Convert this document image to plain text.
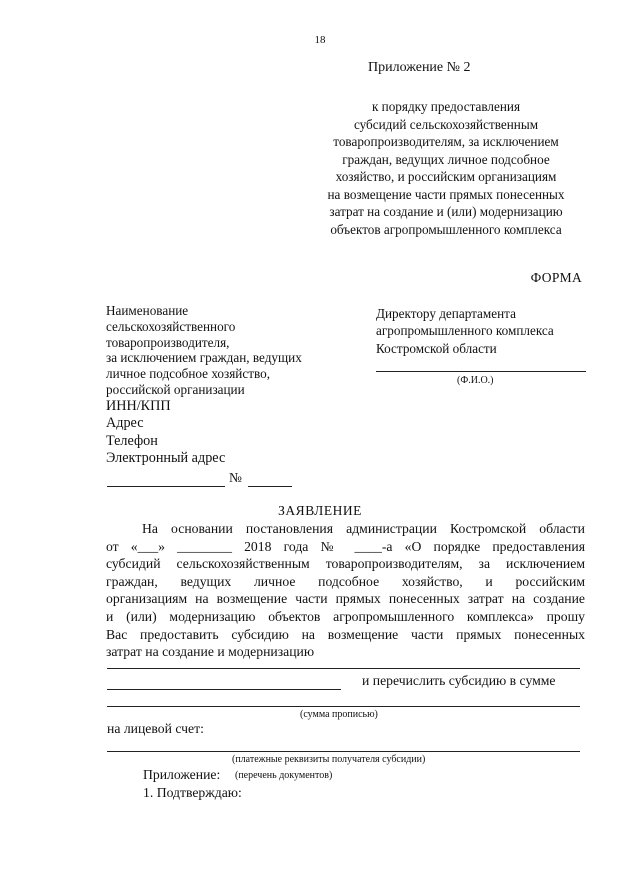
18
Приложение № 2
к порядку предоставления
субсидий сельскохозяйственным
товаропроизводителям, за исключением
граждан, ведущих личное подсобное
хозяйство, и российским организациям
на возмещение части прямых понесенных
затрат на создание и (или) модернизацию
объектов агропромышленного комплекса
ФОРМА
Наименование
сельскохозяйственного
товаропроизводителя,
за исключением граждан, ведущих
личное подсобное хозяйство,
российской организации
ИНН/КПП
Адрес
Телефон
Электронный адрес
№
Директору департамента
агропромышленного комплекса
Костромской области
(Ф.И.О.)
ЗАЯВЛЕНИЕ
На основании постановления администрации Костромской области
от «___» ________ 2018 года № ____-а «О порядке предоставления
субсидий сельскохозяйственным товаропроизводителям, за исключением
граждан, ведущих личное подсобное хозяйство, и российским
организациям на возмещение части прямых понесенных затрат на создание
и (или) модернизацию объектов агропромышленного комплекса» прошу
Вас предоставить субсидию на возмещение части прямых понесенных
затрат на создание и модернизацию
и перечислить субсидию в сумме
(сумма прописью)
на лицевой счет:
(платежные реквизиты получателя субсидии)
Приложение: (перечень документов)
1. Подтверждаю:
